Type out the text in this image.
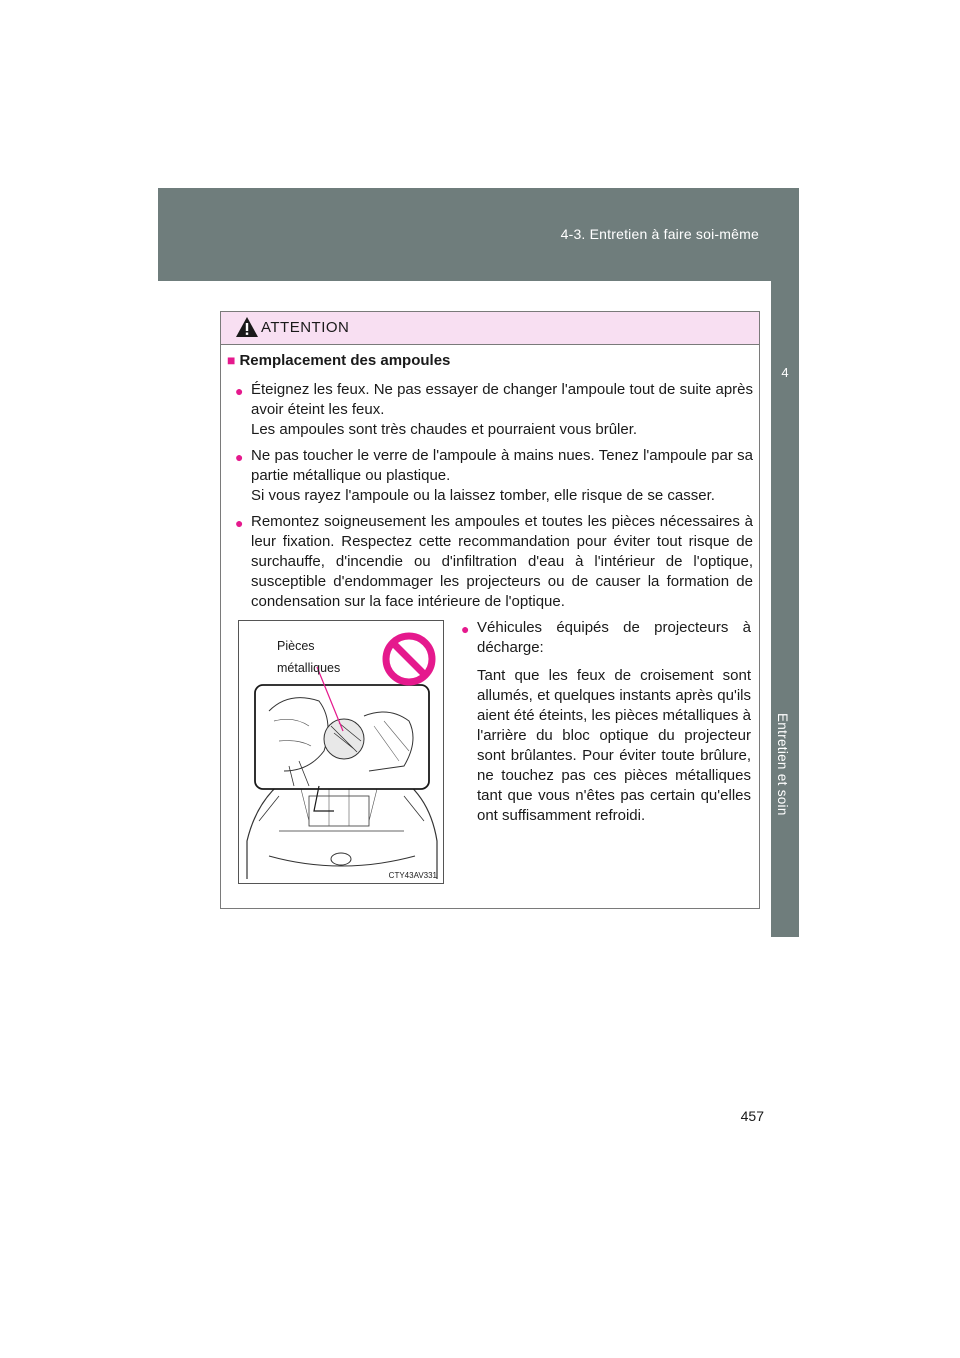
4-3. Entretien à faire soi-même
4
Entretien et soin
ATTENTION
■ Remplacement des ampoules
● Éteignez les feux. Ne pas essayer de changer l'ampoule tout de suite après avoir éteint les feux.

Les ampoules sont très chaudes et pourraient vous brûler.

● Ne pas toucher le verre de l'ampoule à mains nues. Tenez l'ampoule par sa partie métallique ou plastique.

Si vous rayez l'ampoule ou la laissez tomber, elle risque de se casser.

● Remontez soigneusement les ampoules et toutes les pièces nécessaires à leur fixation. Respectez cette recommandation pour éviter tout risque de surchauffe, d'incendie ou d'infiltration d'eau à l'intérieur de l'optique, susceptible d'endommager les projecteurs ou de causer la formation de condensation sur la face intérieure de l'optique.

Pièces
métalliques
CTY43AV331
● Véhicules équipés de projecteurs à décharge:

Tant que les feux de croisement sont allumés, et quelques instants après qu'ils aient été éteints, les pièces métalliques à l'arrière du bloc optique du projecteur sont brûlantes. Pour éviter toute brûlure, ne touchez pas ces pièces métalliques tant que vous n'êtes pas certain qu'elles ont suffisamment refroidi.

457
